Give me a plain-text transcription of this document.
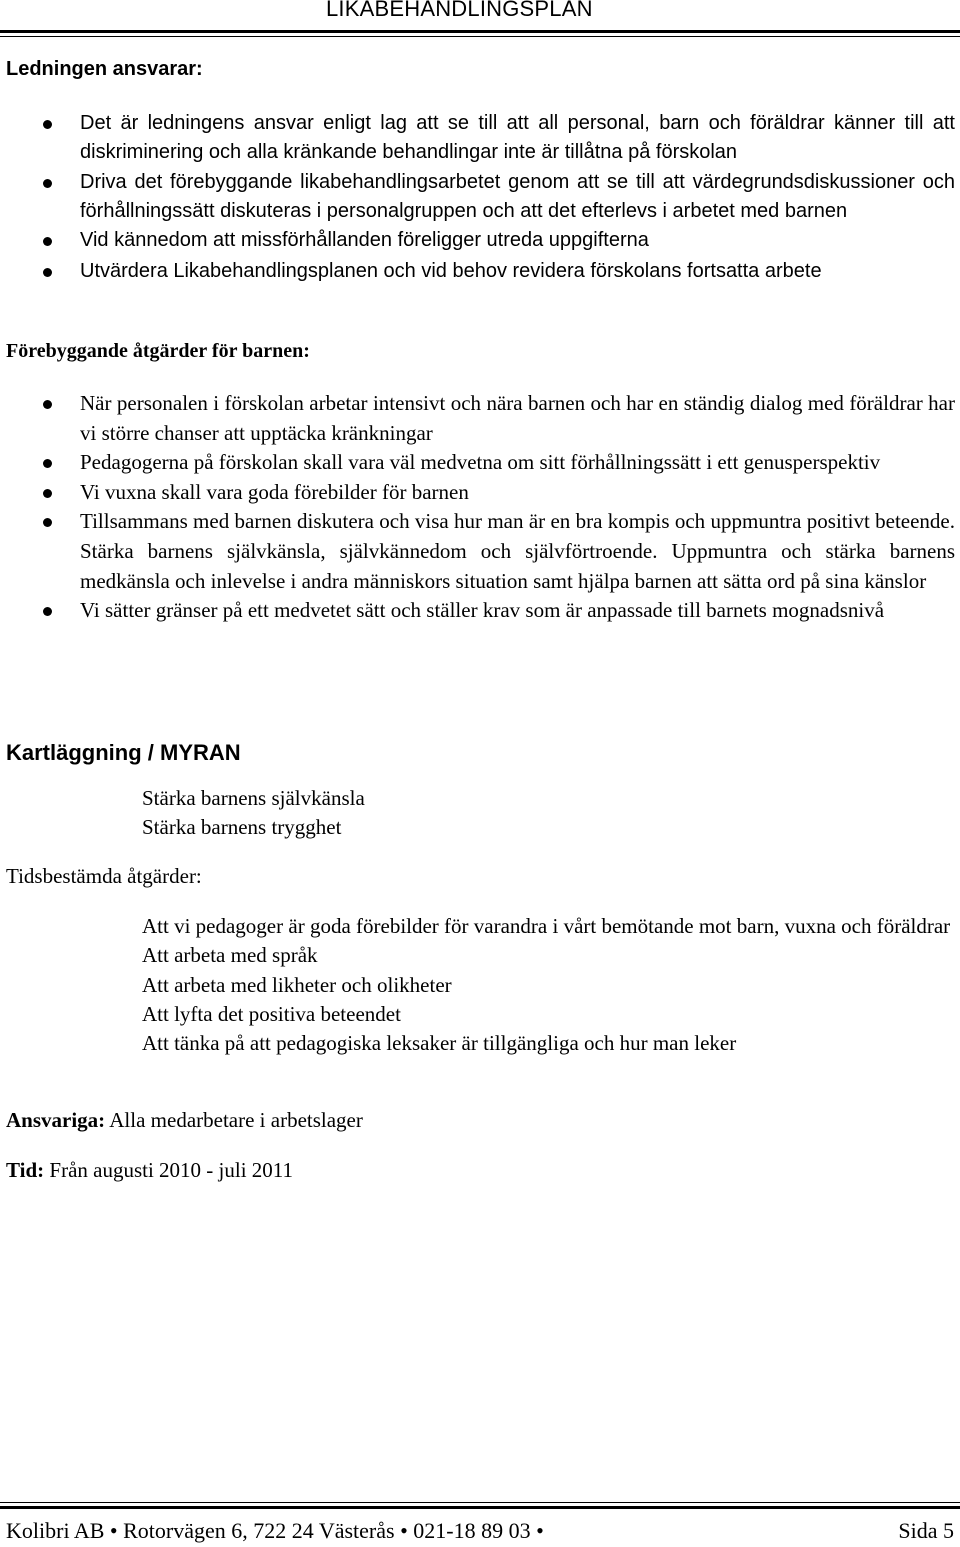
LIKABEHANDLINGSPLAN
Ledningen ansvarar:
Det är ledningens ansvar enligt lag att se till att all personal, barn och föräldrar känner till att diskriminering och alla kränkande behandlingar inte är tillåtna på förskolan
Driva det förebyggande likabehandlingsarbetet genom att se till att värdegrundsdiskussioner och förhållningssätt diskuteras i personalgruppen och att det efterlevs i arbetet med barnen
Vid kännedom att missförhållanden föreligger utreda uppgifterna
Utvärdera Likabehandlingsplanen och vid behov revidera förskolans fortsatta arbete
Förebyggande åtgärder för barnen:
När personalen i förskolan arbetar intensivt och nära barnen och har en ständig dialog med föräldrar har vi större chanser att upptäcka kränkningar
Pedagogerna på förskolan skall vara väl medvetna om sitt förhållningssätt i ett genusperspektiv
Vi vuxna skall vara goda förebilder för barnen
Tillsammans med barnen diskutera och visa hur man är en bra kompis och uppmuntra positivt beteende. Stärka barnens självkänsla, självkännedom och självförtroende. Uppmuntra och stärka barnens medkänsla och inlevelse i andra människors situation samt hjälpa barnen att sätta ord på sina känslor
Vi sätter gränser på ett medvetet sätt och ställer krav som är anpassade till barnets mognadsnivå
Kartläggning / MYRAN
Stärka barnens självkänsla
Stärka barnens trygghet
Tidsbestämda åtgärder:
Att vi pedagoger är goda förebilder för varandra i vårt bemötande mot barn, vuxna och föräldrar
Att arbeta med språk
Att arbeta med likheter och olikheter
Att lyfta det positiva beteendet
Att tänka på att pedagogiska leksaker är tillgängliga och hur man leker
Ansvariga: Alla medarbetare i arbetslager
Tid: Från augusti 2010 - juli 2011
Kolibri AB • Rotorvägen 6, 722 24 Västerås • 021-18 89 03 •	Sida 5
